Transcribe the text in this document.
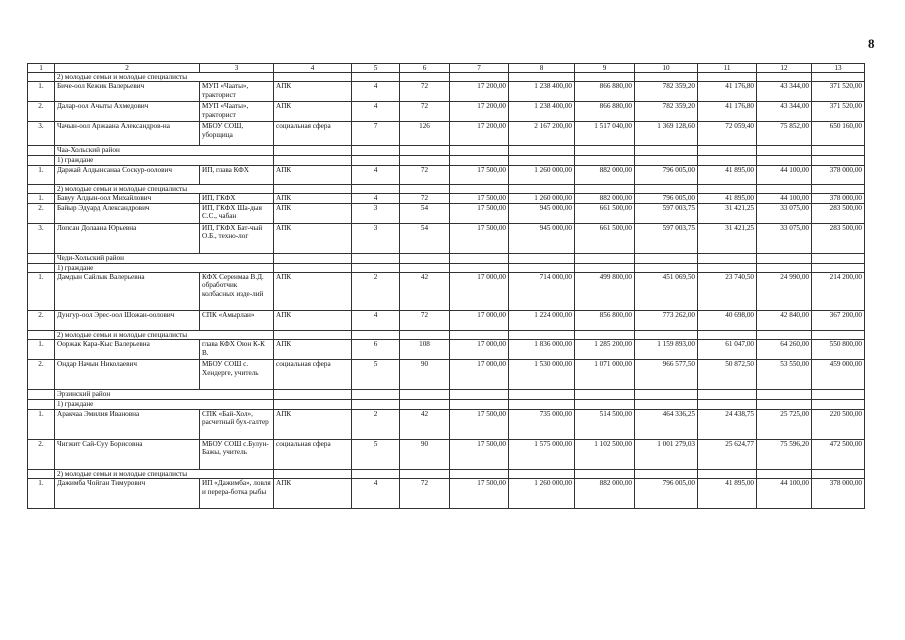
8
1	2	3	4	5	6	7	8	9	10	11	12	13
	2) молодые семьи и молодые специалисты											
1.	Биче-оол Кежик Валерьевич	МУП «Чааты», тракторист	АПК	4	72	17 200,00	1 238 400,00	866 880,00	782 359,20	41 176,80	43 344,00	371 520,00
2.	Далар-оол Ачыты Ахмедович	МУП «Чааты», тракторист	АПК	4	72	17 200,00	1 238 400,00	866 880,00	782 359,20	41 176,80	43 344,00	371 520,00
3.	Чачын-оол Аржаана Александров-на	МБОУ СОШ, уборщица	социальная сфера	7	126	17 200,00	2 167 200,00	1 517 040,00	1 369 128,60	72 059,40	75 852,00	650 160,00
	Чаа-Хольский район											
	1) граждане											
1.	Даржай Алдынсанаа Соскур-оолович	ИП, глава КФХ	АПК	4	72	17 500,00	1 260 000,00	882 000,00	796 005,00	41 895,00	44 100,00	378 000,00
	2) молодые семьи и молодые специалисты											
1.	Бавуу Алдын-оол Михайлович	ИП, ГКФХ	АПК	4	72	17 500,00	1 260 000,00	882 000,00	796 005,00	41 895,00	44 100,00	378 000,00
2.	Байыр Эдуард Александрович	ИП, ГКФХ Ша-дыя С.С., чабан	АПК	3	54	17 500,00	945 000,00	661 500,00	597 003,75	31 421,25	33 075,00	283 500,00
3.	Лопсан Долаана Юрьевна	ИП, ГКФХ Бат-чый О.Б., техно-лог	АПК	3	54	17 500,00	945 000,00	661 500,00	597 003,75	31 421,25	33 075,00	283 500,00
	Чеди-Хольский район											
	1) граждане											
1.	Дамдын Сайлык Валерьевна	КФХ Серенмаа В.Д. обработчик колбасных изде-лий	АПК	2	42	17 000,00	714 000,00	499 800,00	451 069,50	23 740,50	24 990,00	214 200,00
2.	Дунгур-оол Эрес-оол Шожан-оолович	СПК «Амырлан»	АПК	4	72	17 000,00	1 224 000,00	856 800,00	773 262,00	40 698,00	42 840,00	367 200,00
	2) молодые семьи и молодые специалисты											
1.	Ооржак Кара-Кыс Валерьевна	глава КФХ Оюн К-К В.	АПК	6	108	17 000,00	1 836 000,00	1 285 200,00	1 159 893,00	61 047,00	64 260,00	550 800,00
2.	Ондар Начын Николаевич	МБОУ СОШ с. Хендерге, учитель	социальная сфера	5	90	17 000,00	1 530 000,00	1 071 000,00	966 577,50	50 872,50	53 550,00	459 000,00
	Эрзинский район											
	1) граждане											
1.	Аракчаа Эмилия Ивановна	СПК «Бай-Хол», расчетный бух-галтер	АПК	2	42	17 500,00	735 000,00	514 500,00	464 336,25	24 438,75	25 725,00	220 500,00
2.	Чигжит Сай-Суу Борисовна	МБОУ СОШ с.Булун-Бажы, учитель	социальная сфера	5	90	17 500,00	1 575 000,00	1 102 500,00	1 001 279,03	25 624,77	75 596,20	472 500,00
	2) молодые семьи и молодые специалисты											
1.	Дажимба Чойган Тимурович	ИП «Дажимба», ловля и перера-ботка рыбы	АПК	4	72	17 500,00	1 260 000,00	882 000,00	796 005,00	41 895,00	44 100,00	378 000,00
